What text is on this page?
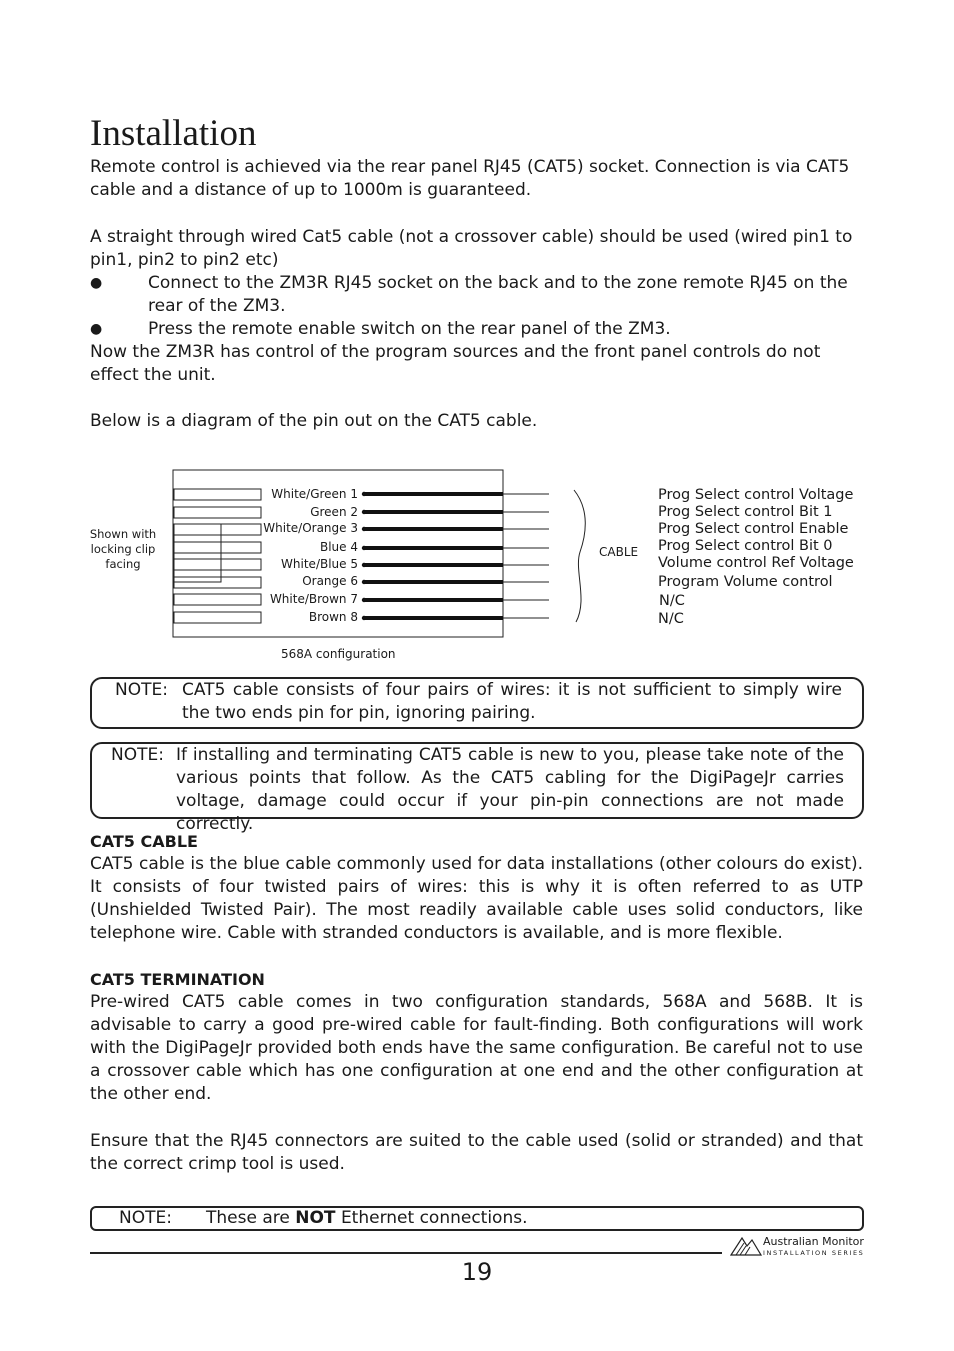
Installation
Remote control is achieved via the rear panel RJ45 (CAT5) socket. Connection is via CAT5 cable and a distance of up to 1000m is guaranteed.
A straight through wired Cat5 cable (not a crossover cable) should be used (wired pin1 to pin1, pin2 to pin2 etc)
●	Connect to the ZM3R RJ45 socket on the back and to the zone remote RJ45 on the rear of the ZM3.
●	Press the remote enable switch on the rear panel of the ZM3.
Now the ZM3R has control of the program sources and the front panel controls do not effect the unit.
Below is a diagram of the pin out on the CAT5 cable.
Shown with locking clip facing
White/Green 1
Green 2
White/Orange 3
Blue 4
White/Blue 5
Orange 6
White/Brown 7
Brown 8
568A configuration
CABLE
Prog Select control Voltage
Prog Select control Bit 1
Prog Select control Enable
Prog Select control Bit 0
Volume control Ref Voltage
Program Volume control
N/C
N/C
NOTE: CAT5 cable consists of four pairs of wires: it is not sufficient to simply wire the two ends pin for pin, ignoring pairing.
NOTE: If installing and terminating CAT5 cable is new to you, please take note of the various points that follow. As the CAT5 cabling for the DigiPageJr carries voltage, damage could occur if your pin-pin connections are not made correctly.
CAT5 CABLE
CAT5 cable is the blue cable commonly used for data installations (other colours do exist). It consists of four twisted pairs of wires: this is why it is often referred to as UTP (Unshielded Twisted Pair). The most readily available cable uses solid conductors, like telephone wire. Cable with stranded conductors is available, and is more flexible.
CAT5 TERMINATION
Pre-wired CAT5 cable comes in two configuration standards, 568A and 568B. It is advisable to carry a good pre-wired cable for fault-finding. Both configurations will work with the DigiPageJr provided both ends have the same configuration. Be careful not to use a crossover cable which has one configuration at one end and the other configuration at the other end.
Ensure that the RJ45 connectors are suited to the cable used (solid or stranded) and that the correct crimp tool is used.
NOTE: These are NOT Ethernet connections.
19
Australian Monitor
INSTALLATION SERIES
